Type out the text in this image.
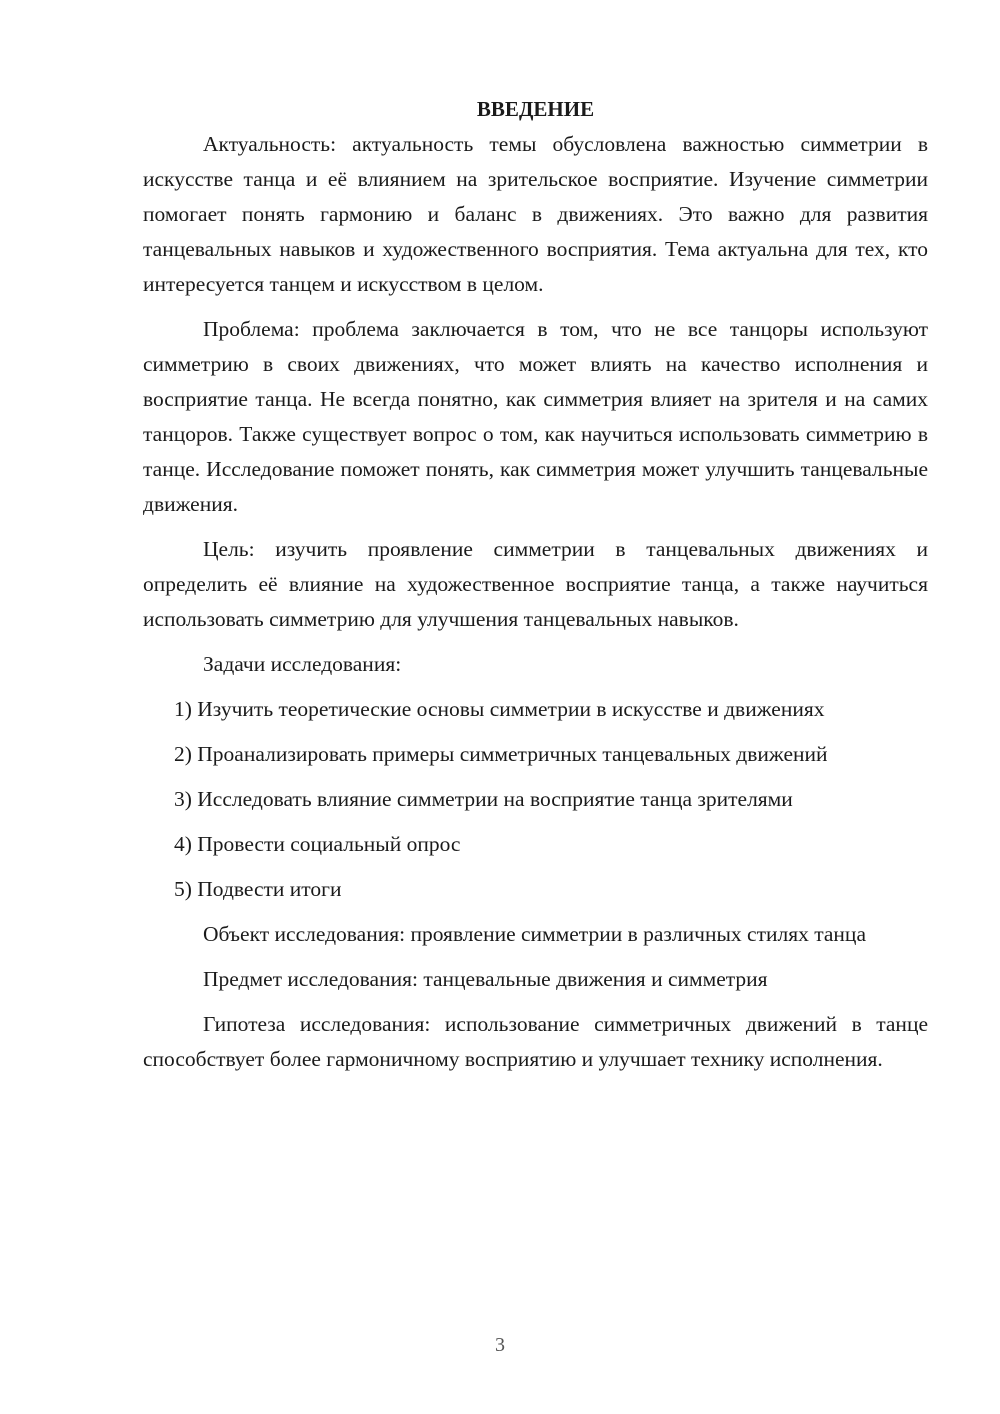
ВВЕДЕНИЕ

Актуальность: актуальность темы обусловлена важностью симметрии в искусстве танца и её влиянием на зрительское восприятие. Изучение симметрии помогает понять гармонию и баланс в движениях. Это важно для развития танцевальных навыков и художественного восприятия. Тема актуальна для тех, кто интересуется танцем и искусством в целом.

Проблема: проблема заключается в том, что не все танцоры используют симметрию в своих движениях, что может влиять на качество исполнения и восприятие танца. Не всегда понятно, как симметрия влияет на зрителя и на самих танцоров. Также существует вопрос о том, как научиться использовать симметрию в танце. Исследование поможет понять, как симметрия может улучшить танцевальные движения.

Цель: изучить проявление симметрии в танцевальных движениях и определить её влияние на художественное восприятие танца, а также научиться использовать симметрию для улучшения танцевальных навыков.

Задачи исследования:

1) Изучить теоретические основы симметрии в искусстве и движениях

2) Проанализировать примеры симметричных танцевальных движений

3) Исследовать влияние симметрии на восприятие танца зрителями

4) Провести социальный опрос

5) Подвести итоги

Объект исследования: проявление симметрии в различных стилях танца

Предмет исследования: танцевальные движения и симметрия

Гипотеза исследования: использование симметричных движений в танце способствует более гармоничному восприятию и улучшает технику исполнения.

3
